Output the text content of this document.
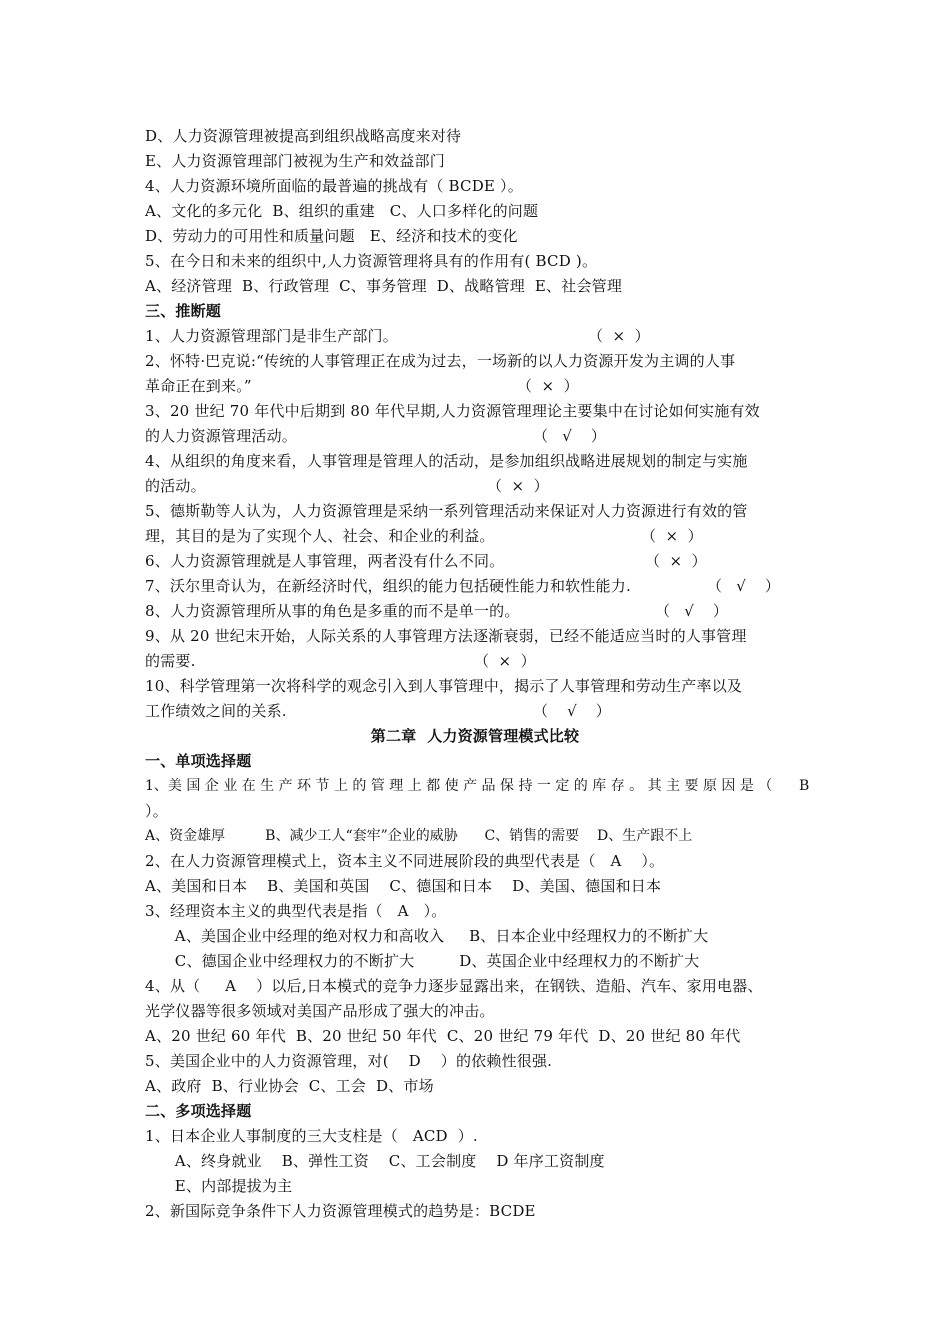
D、人力资源管理被提高到组织战略高度来对待
E、人力资源管理部门被视为生产和效益部门
4、人力资源环境所面临的最普遍的挑战有（ BCDE ）。
A、文化的多元化  B、组织的重建   C、人口多样化的问题
D、劳动力的可用性和质量问题   E、经济和技术的变化
5、在今日和未来的组织中,人力资源管理将具有的作用有( BCD )。
A、经济管理  B、行政管理  C、事务管理  D、战略管理  E、社会管理
三、推断题
1、人力资源管理部门是非生产部门。	（  ×  ）
2、怀特·巴克说:“传统的人事管理正在成为过去，一场新的以人力资源开发为主调的人事
革命正在到来。”	（  ×  ）
3、20 世纪 70 年代中后期到 80 年代早期,人力资源管理理论主要集中在讨论如何实施有效
的人力资源管理活动。	（   √    ）
4、从组织的角度来看，人事管理是管理人的活动，是参加组织战略进展规划的制定与实施
的活动。	（  ×  ）
5、德斯勒等人认为，人力资源管理是采纳一系列管理活动来保证对人力资源进行有效的管
理，其目的是为了实现个人、社会、和企业的利益。	（  ×  ）
6、人力资源管理就是人事管理，两者没有什么不同。	（  ×  ）
7、沃尔里奇认为，在新经济时代，组织的能力包括硬性能力和软性能力.	（   √    ）
8、人力资源管理所从事的角色是多重的而不是单一的。	（   √    ）
9、从 20 世纪末开始，人际关系的人事管理方法逐渐衰弱，已经不能适应当时的人事管理
的需要.	（  ×  ）
10、科学管理第一次将科学的观念引入到人事管理中，揭示了人事管理和劳动生产率以及
工作绩效之间的关系.	（    √    ）
第二章  人力资源管理模式比较
一、单项选择题
1、美 国 企 业 在 生 产 环 节 上 的 管 理 上 都 使 产 品 保 持 一 定 的 库 存 。 其 主 要 原 因 是 （      B
）。
A、资金雄厚         B、减少工人“套牢”企业的威胁      C、销售的需要    D、生产跟不上
2、在人力资源管理模式上，资本主义不同进展阶段的典型代表是（   A    ）。
A、美国和日本    B、美国和英国    C、德国和日本    D、美国、德国和日本
3、经理资本主义的典型代表是指（   A   ）。
A、美国企业中经理的绝对权力和高收入     B、日本企业中经理权力的不断扩大
C、德国企业中经理权力的不断扩大         D、英国企业中经理权力的不断扩大
4、从（     A    ）以后,日本模式的竞争力逐步显露出来，在钢铁、造船、汽车、家用电器、
光学仪器等很多领域对美国产品形成了强大的冲击。
A、20 世纪 60 年代  B、20 世纪 50 年代  C、20 世纪 79 年代  D、20 世纪 80 年代
5、美国企业中的人力资源管理，对(    D    ）的依赖性很强.
A、政府  B、行业协会  C、工会  D、市场
二、多项选择题
1、日本企业人事制度的三大支柱是（   ACD  ）.
A、终身就业    B、弹性工资    C、工会制度    D 年序工资制度
E、内部提拔为主
2、新国际竞争条件下人力资源管理模式的趋势是：BCDE
